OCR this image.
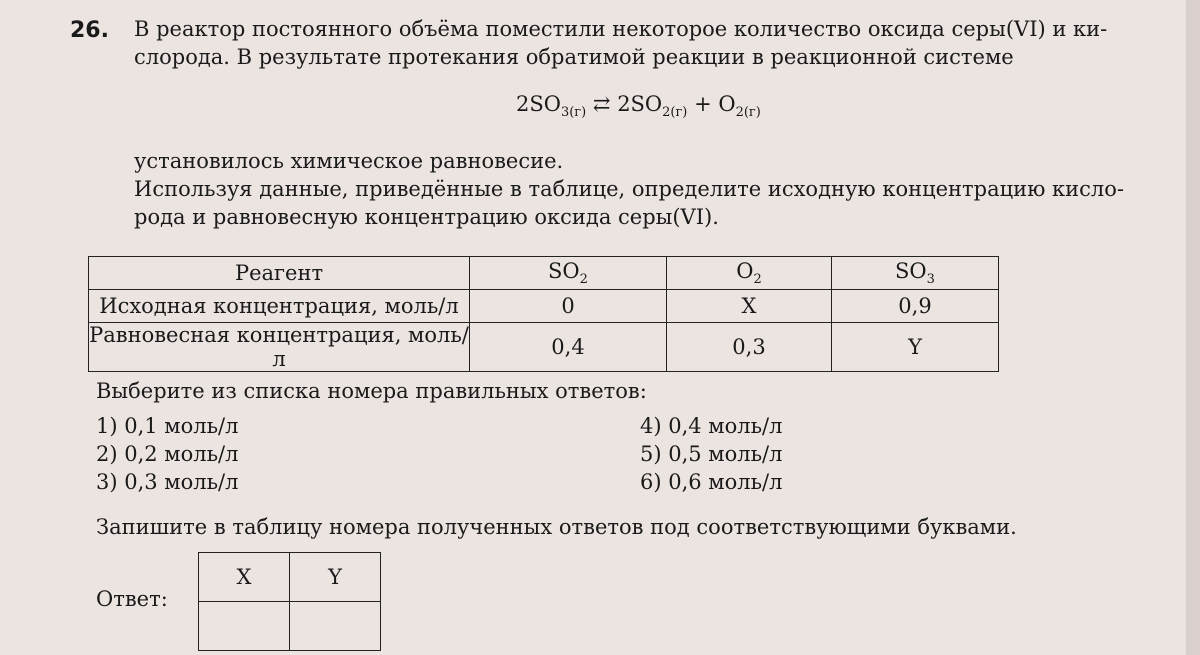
26. В реактор постоянного объёма поместили некоторое количество оксида серы(VI) и ки-
слорода. В результате протекания обратимой реакции в реакционной системе
$2SO_{3(г)}$ ⇄ $2SO_{2(г)} + O_{2(г)}$
установилось химическое равновесие.
Используя данные, приведённые в таблице, определите исходную концентрацию кисло-
рода и равновесную концентрацию оксида серы(VI).
Реагент	$SO_2$	$O_2$	$SO_3$
Исходная концентрация, моль/л	0	X	0,9
Равновесная концентрация, моль/л	0,4	0,3	Y
Выберите из списка номера правильных ответов:
1) 0,1 моль/л
2) 0,2 моль/л
3) 0,3 моль/л
4) 0,4 моль/л
5) 0,5 моль/л
6) 0,6 моль/л
Запишите в таблицу номера полученных ответов под соответствующими буквами.
Ответ:
X	Y
